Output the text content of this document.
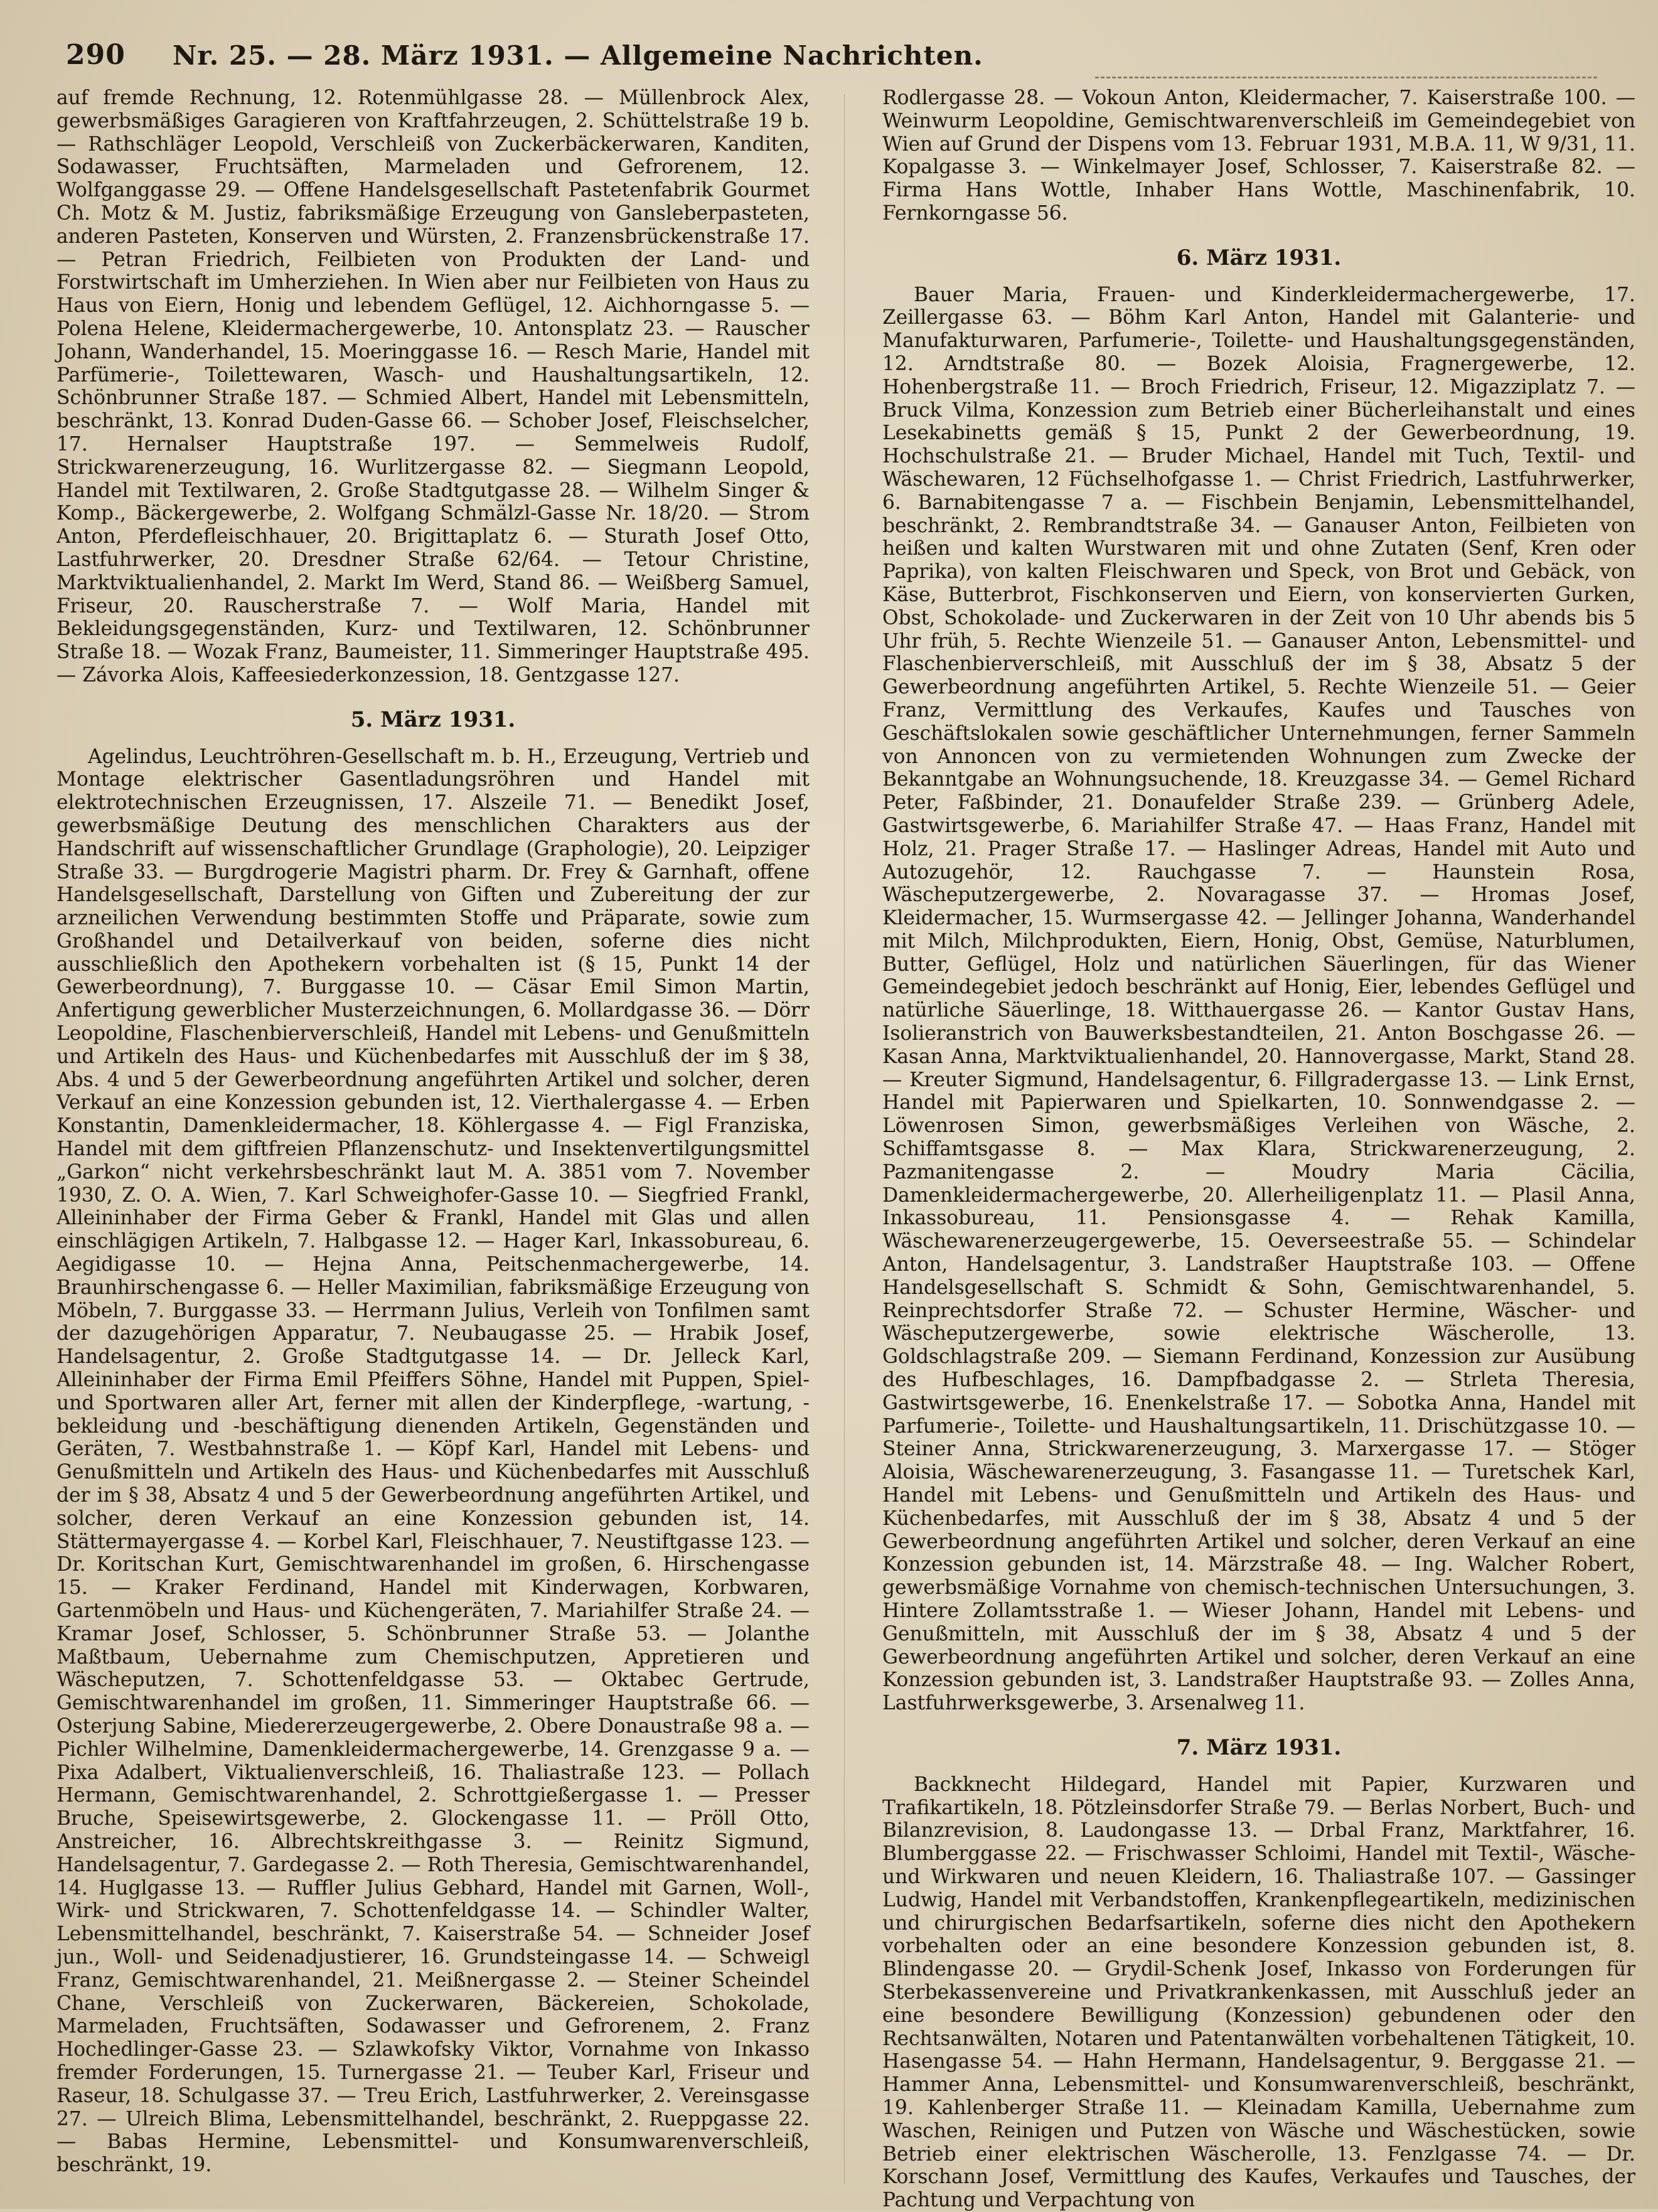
290 Nr. 25. — 28. März 1931. — Allgemeine Nachrichten.

auf fremde Rechnung, 12. Rotenmühlgasse 28. — Müllenbrock Alex, gewerbsmäßiges Garagieren von Kraftfahrzeugen, 2. Schüttelstraße 19 b. — Rathschläger Leopold, Verschleiß von Zuckerbäckerwaren, Kanditen, Sodawasser, Fruchtsäften, Marmeladen und Gefrorenem, 12. Wolfganggasse 29. — Offene Handelsgesellschaft Pastetenfabrik Gourmet Ch. Motz & M. Justiz, fabriksmäßige Erzeugung von Gansleberpasteten, anderen Pasteten, Konserven und Würsten, 2. Franzensbrückenstraße 17. — Petran Friedrich, Feilbieten von Produkten der Land- und Forstwirtschaft im Umherziehen. In Wien aber nur Feilbieten von Haus zu Haus von Eiern, Honig und lebendem Geflügel, 12. Aichhorngasse 5. — Polena Helene, Kleidermachergewerbe, 10. Antonsplatz 23. — Rauscher Johann, Wanderhandel, 15. Moeringgasse 16. — Resch Marie, Handel mit Parfümerie-, Toilettewaren, Wasch- und Haushaltungsartikeln, 12. Schönbrunner Straße 187. — Schmied Albert, Handel mit Lebensmitteln, beschränkt, 13. Konrad Duden-Gasse 66. — Schober Josef, Fleischselcher, 17. Hernalser Hauptstraße 197. — Semmelweis Rudolf, Strickwarenerzeugung, 16. Wurlitzergasse 82. — Siegmann Leopold, Handel mit Textilwaren, 2. Große Stadtgutgasse 28. — Wilhelm Singer & Komp., Bäckergewerbe, 2. Wolfgang Schmälzl-Gasse Nr. 18/20. — Strom Anton, Pferdefleischhauer, 20. Brigittaplatz 6. — Sturath Josef Otto, Lastfuhrwerker, 20. Dresdner Straße 62/64. — Tetour Christine, Marktviktualienhandel, 2. Markt Im Werd, Stand 86. — Weißberg Samuel, Friseur, 20. Rauscherstraße 7. — Wolf Maria, Handel mit Bekleidungsgegenständen, Kurz- und Textilwaren, 12. Schönbrunner Straße 18. — Wozak Franz, Baumeister, 11. Simmeringer Hauptstraße 495. — Závorka Alois, Kaffeesiederkonzession, 18. Gentzgasse 127.

5. März 1931.

Agelindus, Leuchtröhren-Gesellschaft m. b. H., Erzeugung, Vertrieb und Montage elektrischer Gasentladungsröhren und Handel mit elektrotechnischen Erzeugnissen, 17. Alszeile 71. — Benedikt Josef, gewerbsmäßige Deutung des menschlichen Charakters aus der Handschrift auf wissenschaftlicher Grundlage (Graphologie), 20. Leipziger Straße 33. — Burgdrogerie Magistri pharm. Dr. Frey & Garnhaft, offene Handelsgesellschaft, Darstellung von Giften und Zubereitung der zur arzneilichen Verwendung bestimmten Stoffe und Präparate, sowie zum Großhandel und Detailverkauf von beiden, soferne dies nicht ausschließlich den Apothekern vorbehalten ist (§ 15, Punkt 14 der Gewerbeordnung), 7. Burggasse 10. — Cäsar Emil Simon Martin, Anfertigung gewerblicher Musterzeichnungen, 6. Mollardgasse 36. — Dörr Leopoldine, Flaschenbierverschleiß, Handel mit Lebens- und Genußmitteln und Artikeln des Haus- und Küchenbedarfes mit Ausschluß der im § 38, Abs. 4 und 5 der Gewerbeordnung angeführten Artikel und solcher, deren Verkauf an eine Konzession gebunden ist, 12. Vierthalergasse 4. — Erben Konstantin, Damenkleidermacher, 18. Köhlergasse 4. — Figl Franziska, Handel mit dem giftfreien Pflanzenschutz- und Insektenvertilgungsmittel „Garkon“ nicht verkehrsbeschränkt laut M. A. 3851 vom 7. November 1930, Z. O. A. Wien, 7. Karl Schweighofer-Gasse 10. — Siegfried Frankl, Alleininhaber der Firma Geber & Frankl, Handel mit Glas und allen einschlägigen Artikeln, 7. Halbgasse 12. — Hager Karl, Inkassobureau, 6. Aegidigasse 10. — Hejna Anna, Peitschenmachergewerbe, 14. Braunhirschengasse 6. — Heller Maximilian, fabriksmäßige Erzeugung von Möbeln, 7. Burggasse 33. — Herrmann Julius, Verleih von Tonfilmen samt der dazugehörigen Apparatur, 7. Neubaugasse 25. — Hrabik Josef, Handelsagentur, 2. Große Stadtgutgasse 14. — Dr. Jelleck Karl, Alleininhaber der Firma Emil Pfeiffers Söhne, Handel mit Puppen, Spiel- und Sportwaren aller Art, ferner mit allen der Kinderpflege, -wartung, -bekleidung und -beschäftigung dienenden Artikeln, Gegenständen und Geräten, 7. Westbahnstraße 1. — Köpf Karl, Handel mit Lebens- und Genußmitteln und Artikeln des Haus- und Küchenbedarfes mit Ausschluß der im § 38, Absatz 4 und 5 der Gewerbeordnung angeführten Artikel, und solcher, deren Verkauf an eine Konzession gebunden ist, 14. Stättermayergasse 4. — Korbel Karl, Fleischhauer, 7. Neustiftgasse 123. — Dr. Koritschan Kurt, Gemischtwarenhandel im großen, 6. Hirschengasse 15. — Kraker Ferdinand, Handel mit Kinderwagen, Korbwaren, Gartenmöbeln und Haus- und Küchengeräten, 7. Mariahilfer Straße 24. — Kramar Josef, Schlosser, 5. Schönbrunner Straße 53. — Jolanthe Maßtbaum, Uebernahme zum Chemischputzen, Appretieren und Wäscheputzen, 7. Schottenfeldgasse 53. — Oktabec Gertrude, Gemischtwarenhandel im großen, 11. Simmeringer Hauptstraße 66. — Osterjung Sabine, Miedererzeugergewerbe, 2. Obere Donaustraße 98 a. — Pichler Wilhelmine, Damenkleidermachergewerbe, 14. Grenzgasse 9 a. — Pixa Adalbert, Viktualienverschleiß, 16. Thaliastraße 123. — Pollach Hermann, Gemischtwarenhandel, 2. Schrottgießergasse 1. — Presser Bruche, Speisewirtsgewerbe, 2. Glockengasse 11. — Pröll Otto, Anstreicher, 16. Albrechtskreithgasse 3. — Reinitz Sigmund, Handelsagentur, 7. Gardegasse 2. — Roth Theresia, Gemischtwarenhandel, 14. Huglgasse 13. — Ruffler Julius Gebhard, Handel mit Garnen, Woll-, Wirk- und Strickwaren, 7. Schottenfeldgasse 14. — Schindler Walter, Lebensmittelhandel, beschränkt, 7. Kaiserstraße 54. — Schneider Josef jun., Woll- und Seidenadjustierer, 16. Grundsteingasse 14. — Schweigl Franz, Gemischtwarenhandel, 21. Meißnergasse 2. — Steiner Scheindel Chane, Verschleiß von Zuckerwaren, Bäckereien, Schokolade, Marmeladen, Fruchtsäften, Sodawasser und Gefrorenem, 2. Franz Hochedlinger-Gasse 23. — Szlawkofsky Viktor, Vornahme von Inkasso fremder Forderungen, 15. Turnergasse 21. — Teuber Karl, Friseur und Raseur, 18. Schulgasse 37. — Treu Erich, Lastfuhrwerker, 2. Vereinsgasse 27. — Ulreich Blima, Lebensmittelhandel, beschränkt, 2. Rueppgasse 22. — Babas Hermine, Lebensmittel- und Konsumwarenverschleiß, beschränkt, 19.

Rodlergasse 28. — Vokoun Anton, Kleidermacher, 7. Kaiserstraße 100. — Weinwurm Leopoldine, Gemischtwarenverschleiß im Gemeindegebiet von Wien auf Grund der Dispens vom 13. Februar 1931, M.B.A. 11, W 9/31, 11. Kopalgasse 3. — Winkelmayer Josef, Schlosser, 7. Kaiserstraße 82. — Firma Hans Wottle, Inhaber Hans Wottle, Maschinenfabrik, 10. Fernkorngasse 56.

6. März 1931.

Bauer Maria, Frauen- und Kinderkleidermachergewerbe, 17. Zeillergasse 63. — Böhm Karl Anton, Handel mit Galanterie- und Manufakturwaren, Parfumerie-, Toilette- und Haushaltungsgegenständen, 12. Arndtstraße 80. — Bozek Aloisia, Fragnergewerbe, 12. Hohenbergstraße 11. — Broch Friedrich, Friseur, 12. Migazziplatz 7. — Bruck Vilma, Konzession zum Betrieb einer Bücherleihanstalt und eines Lesekabinetts gemäß § 15, Punkt 2 der Gewerbeordnung, 19. Hochschulstraße 21. — Bruder Michael, Handel mit Tuch, Textil- und Wäschewaren, 12 Füchselhofgasse 1. — Christ Friedrich, Lastfuhrwerker, 6. Barnabitengasse 7 a. — Fischbein Benjamin, Lebensmittelhandel, beschränkt, 2. Rembrandtstraße 34. — Ganauser Anton, Feilbieten von heißen und kalten Wurstwaren mit und ohne Zutaten (Senf, Kren oder Paprika), von kalten Fleischwaren und Speck, von Brot und Gebäck, von Käse, Butterbrot, Fischkonserven und Eiern, von konservierten Gurken, Obst, Schokolade- und Zuckerwaren in der Zeit von 10 Uhr abends bis 5 Uhr früh, 5. Rechte Wienzeile 51. — Ganauser Anton, Lebensmittel- und Flaschenbierverschleiß, mit Ausschluß der im § 38, Absatz 5 der Gewerbeordnung angeführten Artikel, 5. Rechte Wienzeile 51. — Geier Franz, Vermittlung des Verkaufes, Kaufes und Tausches von Geschäftslokalen sowie geschäftlicher Unternehmungen, ferner Sammeln von Annoncen von zu vermietenden Wohnungen zum Zwecke der Bekanntgabe an Wohnungsuchende, 18. Kreuzgasse 34. — Gemel Richard Peter, Faßbinder, 21. Donaufelder Straße 239. — Grünberg Adele, Gastwirtsgewerbe, 6. Mariahilfer Straße 47. — Haas Franz, Handel mit Holz, 21. Prager Straße 17. — Haslinger Adreas, Handel mit Auto und Autozugehör, 12. Rauchgasse 7. — Haunstein Rosa, Wäscheputzergewerbe, 2. Novaragasse 37. — Hromas Josef, Kleidermacher, 15. Wurmsergasse 42. — Jellinger Johanna, Wanderhandel mit Milch, Milchprodukten, Eiern, Honig, Obst, Gemüse, Naturblumen, Butter, Geflügel, Holz und natürlichen Säuerlingen, für das Wiener Gemeindegebiet jedoch beschränkt auf Honig, Eier, lebendes Geflügel und natürliche Säuerlinge, 18. Witthauergasse 26. — Kantor Gustav Hans, Isolieranstrich von Bauwerksbestandteilen, 21. Anton Boschgasse 26. — Kasan Anna, Marktviktualienhandel, 20. Hannovergasse, Markt, Stand 28. — Kreuter Sigmund, Handelsagentur, 6. Fillgradergasse 13. — Link Ernst, Handel mit Papierwaren und Spielkarten, 10. Sonnwendgasse 2. — Löwenrosen Simon, gewerbsmäßiges Verleihen von Wäsche, 2. Schiffamtsgasse 8. — Max Klara, Strickwarenerzeugung, 2. Pazmanitengasse 2. — Moudry Maria Cäcilia, Damenkleidermachergewerbe, 20. Allerheiligenplatz 11. — Plasil Anna, Inkassobureau, 11. Pensionsgasse 4. — Rehak Kamilla, Wäschewarenerzeugergewerbe, 15. Oeverseestraße 55. — Schindelar Anton, Handelsagentur, 3. Landstraßer Hauptstraße 103. — Offene Handelsgesellschaft S. Schmidt & Sohn, Gemischtwarenhandel, 5. Reinprechtsdorfer Straße 72. — Schuster Hermine, Wäscher- und Wäscheputzergewerbe, sowie elektrische Wäscherolle, 13. Goldschlagstraße 209. — Siemann Ferdinand, Konzession zur Ausübung des Hufbeschlages, 16. Dampfbadgasse 2. — Strleta Theresia, Gastwirtsgewerbe, 16. Enenkelstraße 17. — Sobotka Anna, Handel mit Parfumerie-, Toilette- und Haushaltungsartikeln, 11. Drischützgasse 10. — Steiner Anna, Strickwarenerzeugung, 3. Marxergasse 17. — Stöger Aloisia, Wäschewarenerzeugung, 3. Fasangasse 11. — Turetschek Karl, Handel mit Lebens- und Genußmitteln und Artikeln des Haus- und Küchenbedarfes, mit Ausschluß der im § 38, Absatz 4 und 5 der Gewerbeordnung angeführten Artikel und solcher, deren Verkauf an eine Konzession gebunden ist, 14. Märzstraße 48. — Ing. Walcher Robert, gewerbsmäßige Vornahme von chemisch-technischen Untersuchungen, 3. Hintere Zollamtsstraße 1. — Wieser Johann, Handel mit Lebens- und Genußmitteln, mit Ausschluß der im § 38, Absatz 4 und 5 der Gewerbeordnung angeführten Artikel und solcher, deren Verkauf an eine Konzession gebunden ist, 3. Landstraßer Hauptstraße 93. — Zolles Anna, Lastfuhrwerksgewerbe, 3. Arsenalweg 11.

7. März 1931.

Backknecht Hildegard, Handel mit Papier, Kurzwaren und Trafikartikeln, 18. Pötzleinsdorfer Straße 79. — Berlas Norbert, Buch- und Bilanzrevision, 8. Laudongasse 13. — Drbal Franz, Marktfahrer, 16. Blumberggasse 22. — Frischwasser Schloimi, Handel mit Textil-, Wäsche- und Wirkwaren und neuen Kleidern, 16. Thaliastraße 107. — Gassinger Ludwig, Handel mit Verbandstoffen, Krankenpflegeartikeln, medizinischen und chirurgischen Bedarfsartikeln, soferne dies nicht den Apothekern vorbehalten oder an eine besondere Konzession gebunden ist, 8. Blindengasse 20. — Grydil-Schenk Josef, Inkasso von Forderungen für Sterbekassenvereine und Privatkrankenkassen, mit Ausschluß jeder an eine besondere Bewilligung (Konzession) gebundenen oder den Rechtsanwälten, Notaren und Patentanwälten vorbehaltenen Tätigkeit, 10. Hasengasse 54. — Hahn Hermann, Handelsagentur, 9. Berggasse 21. — Hammer Anna, Lebensmittel- und Konsumwarenverschleiß, beschränkt, 19. Kahlenberger Straße 11. — Kleinadam Kamilla, Uebernahme zum Waschen, Reinigen und Putzen von Wäsche und Wäschestücken, sowie Betrieb einer elektrischen Wäscherolle, 13. Fenzlgasse 74. — Dr. Korschann Josef, Vermittlung des Kaufes, Verkaufes und Tausches, der Pachtung und Verpachtung von
